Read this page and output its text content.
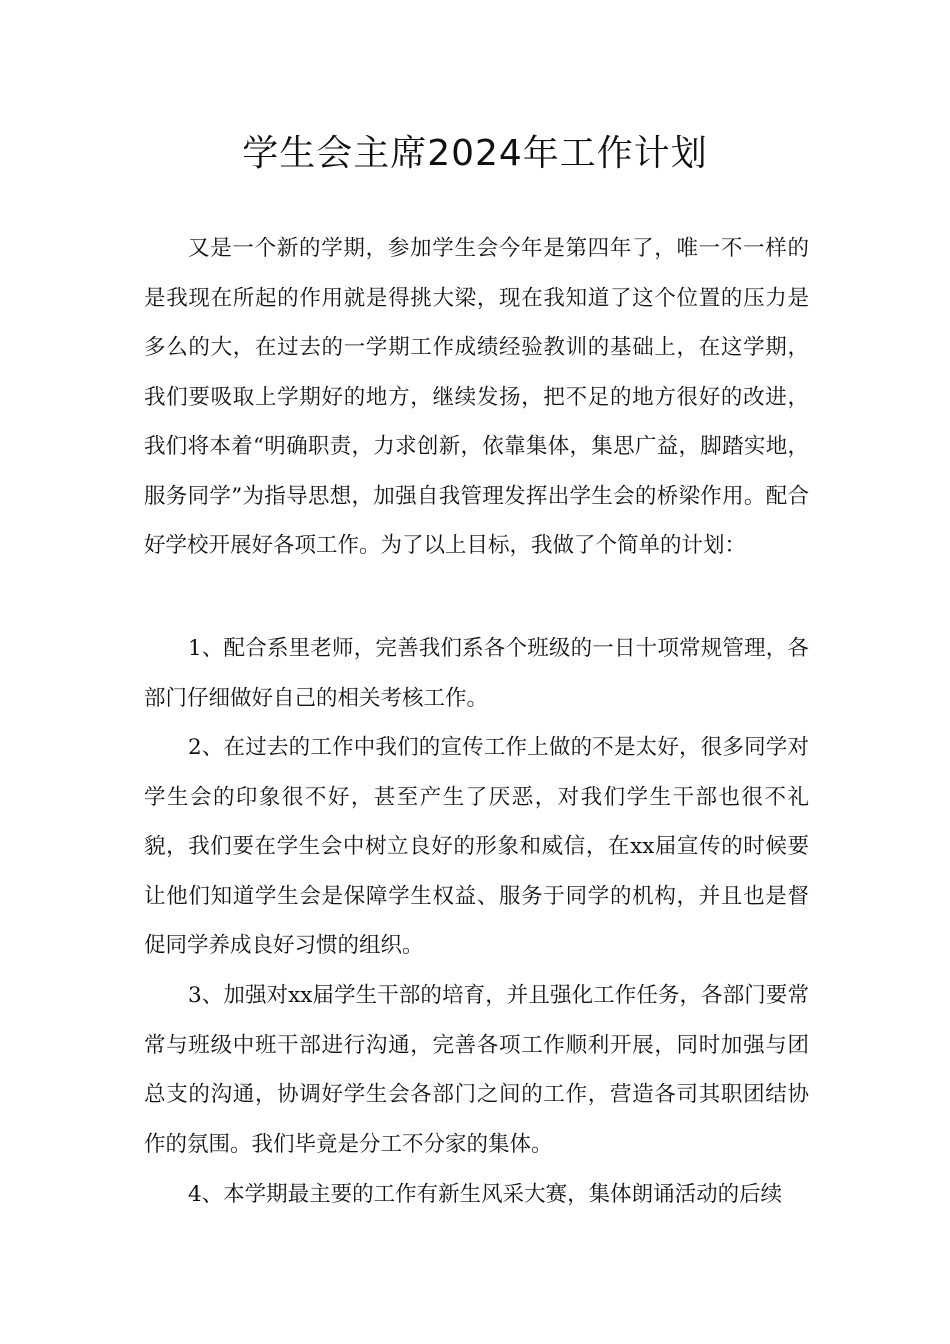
学生会主席2024年工作计划

又是一个新的学期，参加学生会今年是第四年了，唯一不一样的是我现在所起的作用就是得挑大梁，现在我知道了这个位置的压力是多么的大，在过去的一学期工作成绩经验教训的基础上，在这学期，我们要吸取上学期好的地方，继续发扬，把不足的地方很好的改进，我们将本着“明确职责，力求创新，依靠集体，集思广益，脚踏实地，服务同学”为指导思想，加强自我管理发挥出学生会的桥梁作用。配合好学校开展好各项工作。为了以上目标，我做了个简单的计划：

1、配合系里老师，完善我们系各个班级的一日十项常规管理，各部门仔细做好自己的相关考核工作。

2、在过去的工作中我们的宣传工作上做的不是太好，很多同学对学生会的印象很不好，甚至产生了厌恶，对我们学生干部也很不礼貌，我们要在学生会中树立良好的形象和威信，在xx届宣传的时候要让他们知道学生会是保障学生权益、服务于同学的机构，并且也是督促同学养成良好习惯的组织。

3、加强对xx届学生干部的培育，并且强化工作任务，各部门要常常与班级中班干部进行沟通，完善各项工作顺利开展，同时加强与团总支的沟通，协调好学生会各部门之间的工作，营造各司其职团结协作的氛围。我们毕竟是分工不分家的集体。

4、本学期最主要的工作有新生风采大赛，集体朗诵活动的后续
